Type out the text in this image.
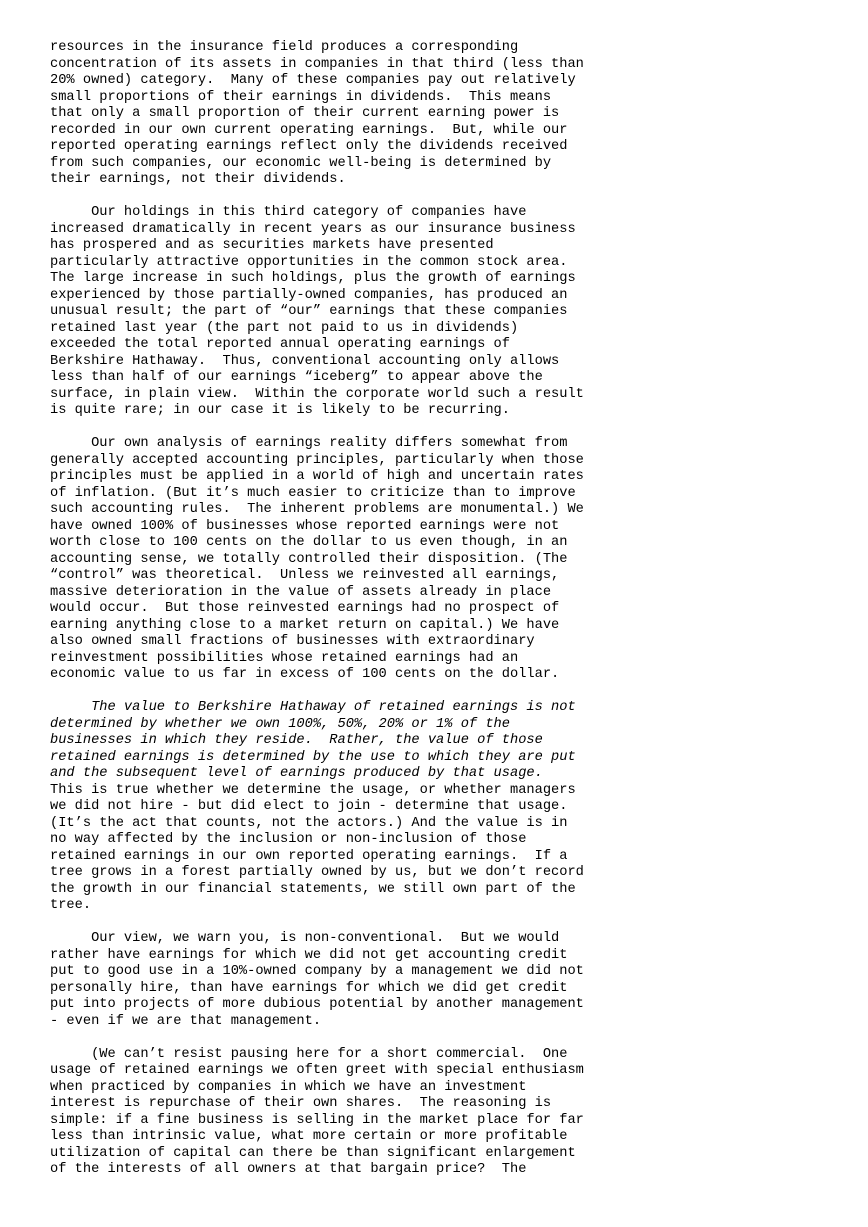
resources in the insurance field produces a corresponding
concentration of its assets in companies in that third (less than
20% owned) category.  Many of these companies pay out relatively
small proportions of their earnings in dividends.  This means
that only a small proportion of their current earning power is
recorded in our own current operating earnings.  But, while our
reported operating earnings reflect only the dividends received
from such companies, our economic well-being is determined by
their earnings, not their dividends.

Our holdings in this third category of companies have
increased dramatically in recent years as our insurance business
has prospered and as securities markets have presented
particularly attractive opportunities in the common stock area.
The large increase in such holdings, plus the growth of earnings
experienced by those partially-owned companies, has produced an
unusual result; the part of “our” earnings that these companies
retained last year (the part not paid to us in dividends)
exceeded the total reported annual operating earnings of
Berkshire Hathaway.  Thus, conventional accounting only allows
less than half of our earnings “iceberg” to appear above the
surface, in plain view.  Within the corporate world such a result
is quite rare; in our case it is likely to be recurring.

Our own analysis of earnings reality differs somewhat from
generally accepted accounting principles, particularly when those
principles must be applied in a world of high and uncertain rates
of inflation. (But it’s much easier to criticize than to improve
such accounting rules.  The inherent problems are monumental.) We
have owned 100% of businesses whose reported earnings were not
worth close to 100 cents on the dollar to us even though, in an
accounting sense, we totally controlled their disposition. (The
“control” was theoretical.  Unless we reinvested all earnings,
massive deterioration in the value of assets already in place
would occur.  But those reinvested earnings had no prospect of
earning anything close to a market return on capital.) We have
also owned small fractions of businesses with extraordinary
reinvestment possibilities whose retained earnings had an
economic value to us far in excess of 100 cents on the dollar.

The value to Berkshire Hathaway of retained earnings is not
determined by whether we own 100%, 50%, 20% or 1% of the
businesses in which they reside.  Rather, the value of those
retained earnings is determined by the use to which they are put
and the subsequent level of earnings produced by that usage.
This is true whether we determine the usage, or whether managers
we did not hire - but did elect to join - determine that usage.
(It’s the act that counts, not the actors.) And the value is in
no way affected by the inclusion or non-inclusion of those
retained earnings in our own reported operating earnings.  If a
tree grows in a forest partially owned by us, but we don’t record
the growth in our financial statements, we still own part of the
tree.

Our view, we warn you, is non-conventional.  But we would
rather have earnings for which we did not get accounting credit
put to good use in a 10%-owned company by a management we did not
personally hire, than have earnings for which we did get credit
put into projects of more dubious potential by another management
- even if we are that management.

(We can’t resist pausing here for a short commercial.  One
usage of retained earnings we often greet with special enthusiasm
when practiced by companies in which we have an investment
interest is repurchase of their own shares.  The reasoning is
simple: if a fine business is selling in the market place for far
less than intrinsic value, what more certain or more profitable
utilization of capital can there be than significant enlargement
of the interests of all owners at that bargain price?  The
